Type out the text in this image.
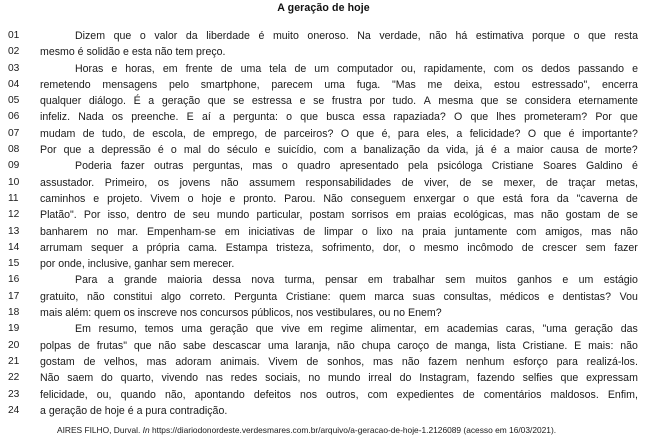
A geração de hoje
01	Dizem que o valor da liberdade é muito oneroso. Na verdade, não há estimativa porque o que resta
02	mesmo é solidão e esta não tem preço.
03	Horas e horas, em frente de uma tela de um computador ou, rapidamente, com os dedos passando e
04	remetendo mensagens pelo smartphone, parecem uma fuga. "Mas me deixa, estou estressado", encerra
05	qualquer diálogo. É a geração que se estressa e se frustra por tudo. A mesma que se considera eternamente
06	infeliz. Nada os preenche. E aí a pergunta: o que busca essa rapaziada? O que lhes prometeram? Por que
07	mudam de tudo, de escola, de emprego, de parceiros? O que é, para eles, a felicidade? O que é importante?
08	Por que a depressão é o mal do século e suicídio, com a banalização da vida, já é a maior causa de morte?
09	Poderia fazer outras perguntas, mas o quadro apresentado pela psicóloga Cristiane Soares Galdino é
10	assustador. Primeiro, os jovens não assumem responsabilidades de viver, de se mexer, de traçar metas,
11	caminhos e projeto. Vivem o hoje e pronto. Parou. Não conseguem enxergar o que está fora da "caverna de
12	Platão". Por isso, dentro de seu mundo particular, postam sorrisos em praias ecológicas, mas não gostam de se
13	banharem no mar. Empenham-se em iniciativas de limpar o lixo na praia juntamente com amigos, mas não
14	arrumam sequer a própria cama. Estampa tristeza, sofrimento, dor, o mesmo incômodo de crescer sem fazer
15	por onde, inclusive, ganhar sem merecer.
16	Para a grande maioria dessa nova turma, pensar em trabalhar sem muitos ganhos e um estágio
17	gratuito, não constitui algo correto. Pergunta Cristiane: quem marca suas consultas, médicos e dentistas? Vou
18	mais além: quem os inscreve nos concursos públicos, nos vestibulares, ou no Enem?
19	Em resumo, temos uma geração que vive em regime alimentar, em academias caras, "uma geração das
20	polpas de frutas" que não sabe descascar uma laranja, não chupa caroço de manga, lista Cristiane. E mais: não
21	gostam de velhos, mas adoram animais. Vivem de sonhos, mas não fazem nenhum esforço para realizá-los.
22	Não saem do quarto, vivendo nas redes sociais, no mundo irreal do Instagram, fazendo selfies que expressam
23	felicidade, ou, quando não, apontando defeitos nos outros, com expedientes de comentários maldosos. Enfim,
24	a geração de hoje é a pura contradição.
AIRES FILHO, Durval. In https://diariodonordeste.verdesmares.com.br/arquivo/a-geracao-de-hoje-1.2126089 (acesso em 16/03/2021).
